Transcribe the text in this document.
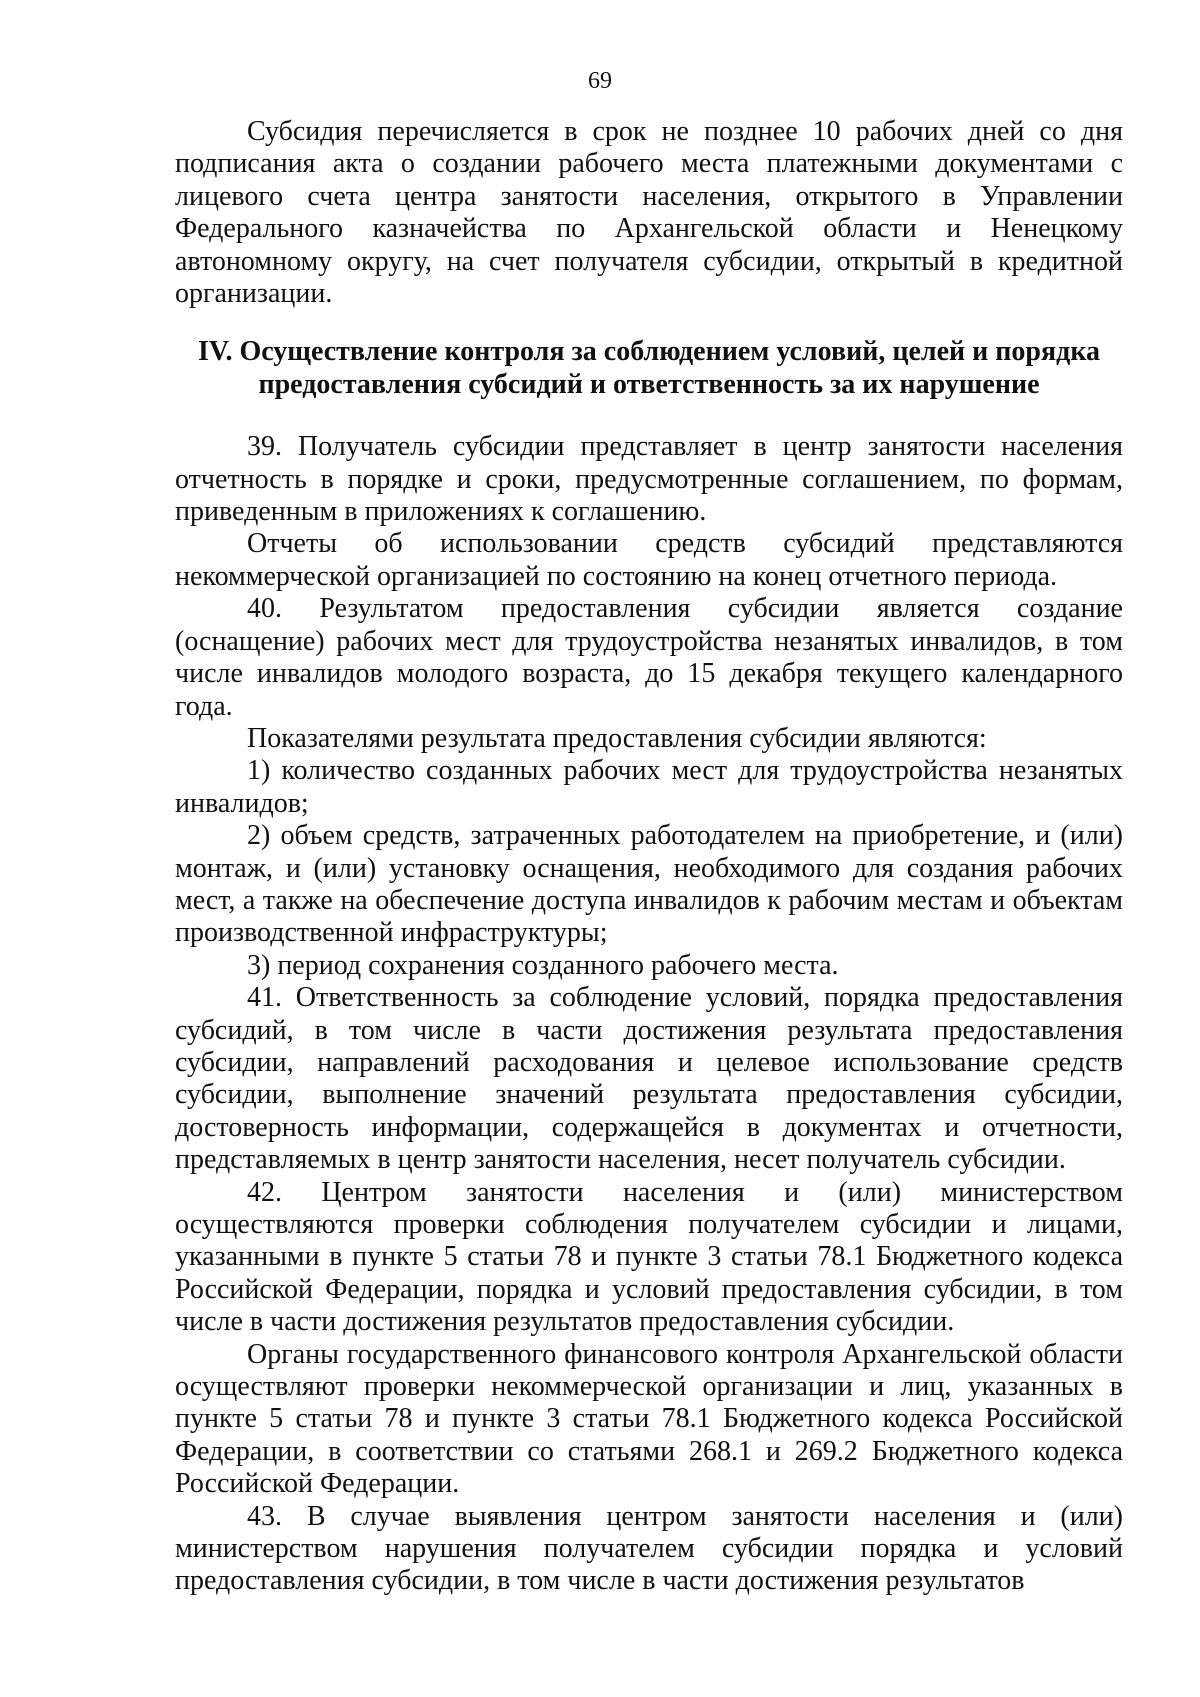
69

Субсидия перечисляется в срок не позднее 10 рабочих дней со дня подписания акта о создании рабочего места платежными документами с лицевого счета центра занятости населения, открытого в Управлении Федерального казначейства по Архангельской области и Ненецкому автономному округу, на счет получателя субсидии, открытый в кредитной организации.

IV. Осуществление контроля за соблюдением условий, целей и порядка
предоставления субсидий и ответственность за их нарушение

39. Получатель субсидии представляет в центр занятости населения отчетность в порядке и сроки, предусмотренные соглашением, по формам, приведенным в приложениях к соглашению.

Отчеты об использовании средств субсидий представляются некоммерческой организацией по состоянию на конец отчетного периода.

40. Результатом предоставления субсидии является создание (оснащение) рабочих мест для трудоустройства незанятых инвалидов, в том числе инвалидов молодого возраста, до 15 декабря текущего календарного года.

Показателями результата предоставления субсидии являются:

1) количество созданных рабочих мест для трудоустройства незанятых инвалидов;

2) объем средств, затраченных работодателем на приобретение, и (или) монтаж, и (или) установку оснащения, необходимого для создания рабочих мест, а также на обеспечение доступа инвалидов к рабочим местам и объектам производственной инфраструктуры;

3) период сохранения созданного рабочего места.

41. Ответственность за соблюдение условий, порядка предоставления субсидий, в том числе в части достижения результата предоставления субсидии, направлений расходования и целевое использование средств субсидии, выполнение значений результата предоставления субсидии, достоверность информации, содержащейся в документах и отчетности, представляемых в центр занятости населения, несет получатель субсидии.

42. Центром занятости населения и (или) министерством осуществляются проверки соблюдения получателем субсидии и лицами, указанными в пункте 5 статьи 78 и пункте 3 статьи 78.1 Бюджетного кодекса Российской Федерации, порядка и условий предоставления субсидии, в том числе в части достижения результатов предоставления субсидии.

Органы государственного финансового контроля Архангельской области осуществляют проверки некоммерческой организации и лиц, указанных в пункте 5 статьи 78 и пункте 3 статьи 78.1 Бюджетного кодекса Российской Федерации, в соответствии со статьями 268.1 и 269.2 Бюджетного кодекса Российской Федерации.

43. В случае выявления центром занятости населения и (или) министерством нарушения получателем субсидии порядка и условий предоставления субсидии, в том числе в части достижения результатов
